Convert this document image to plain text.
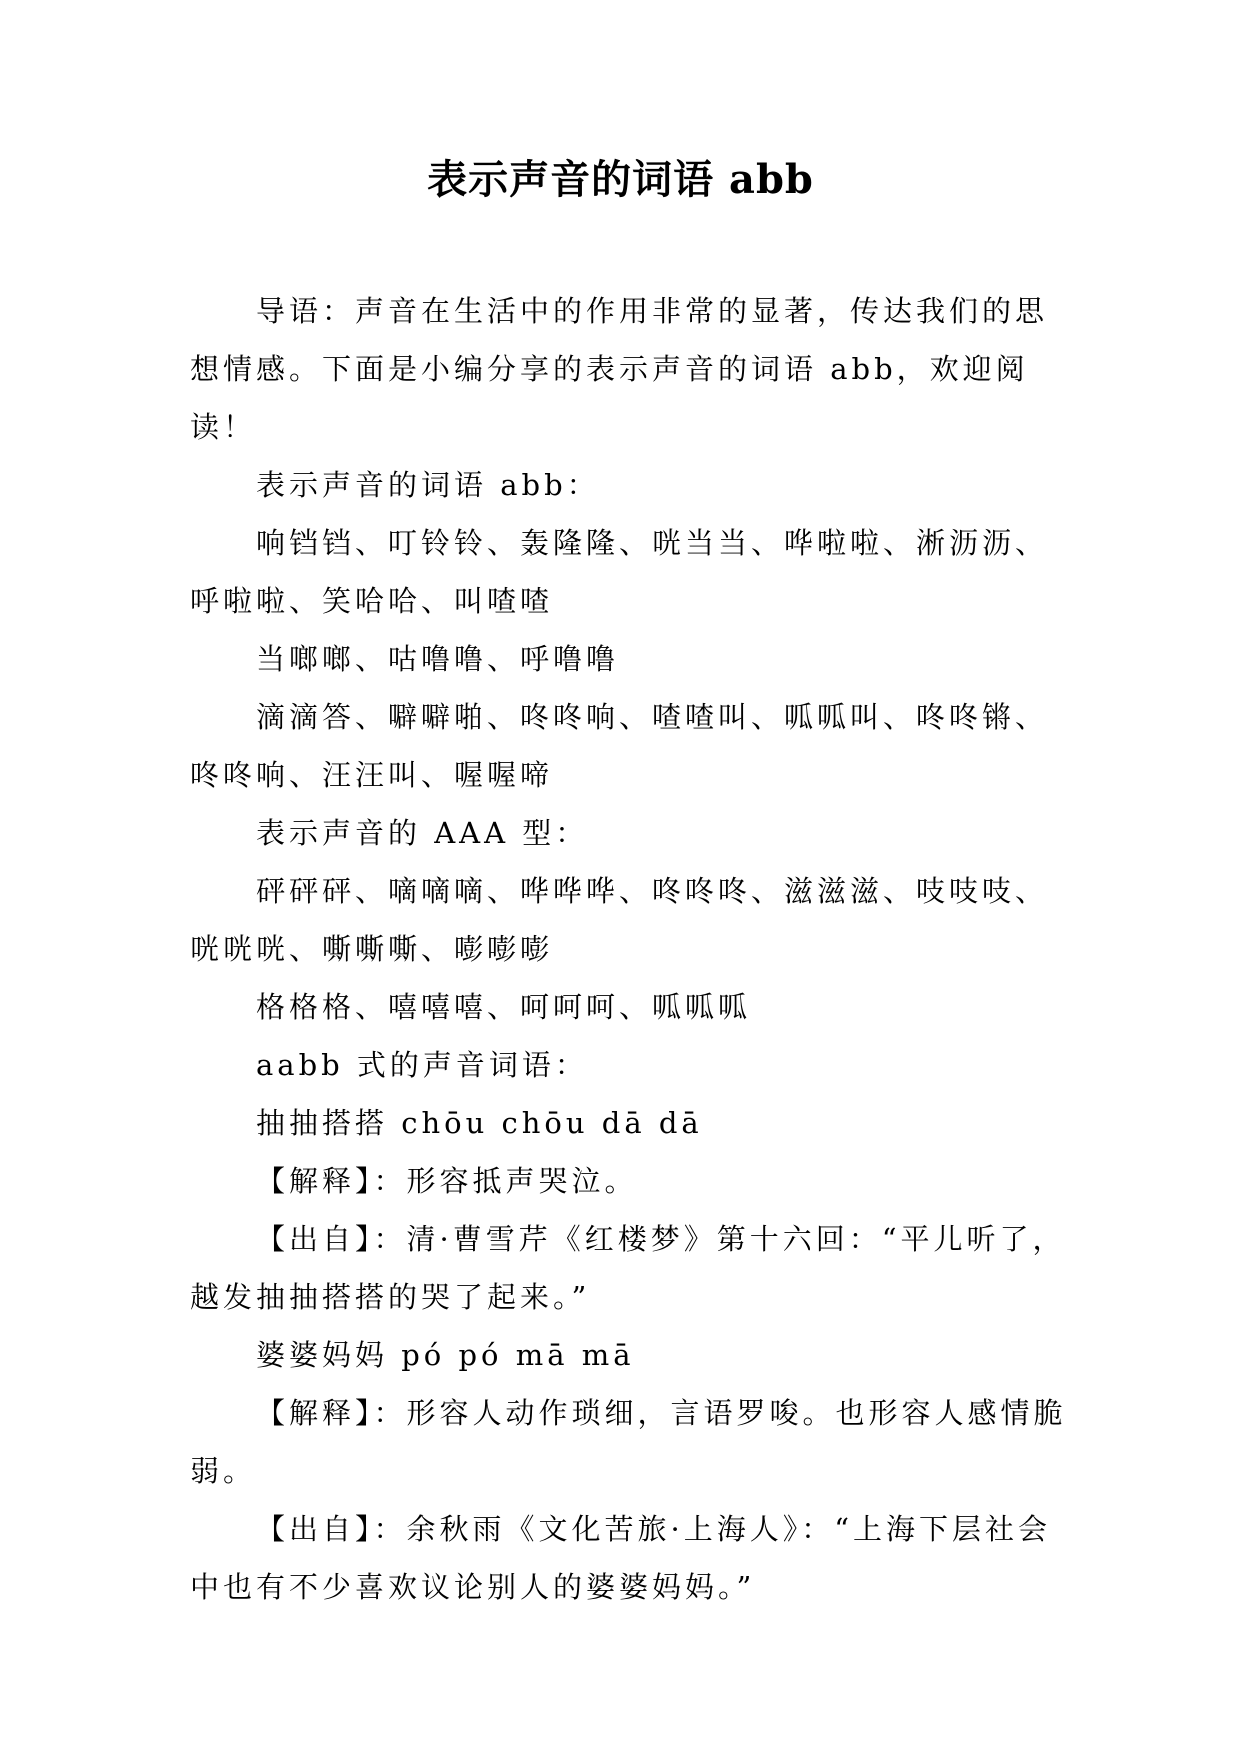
表示声音的词语 abb

导语：声音在生活中的作用非常的显著，传达我们的思想情感。下面是小编分享的表示声音的词语 abb，欢迎阅读！

表示声音的词语 abb：

响铛铛、叮铃铃、轰隆隆、咣当当、哗啦啦、淅沥沥、呼啦啦、笑哈哈、叫喳喳

当啷啷、咕噜噜、呼噜噜

滴滴答、噼噼啪、咚咚响、喳喳叫、呱呱叫、咚咚锵、咚咚响、汪汪叫、喔喔啼

表示声音的 AAA 型：

砰砰砰、嘀嘀嘀、哗哗哗、咚咚咚、滋滋滋、吱吱吱、咣咣咣、嘶嘶嘶、嘭嘭嘭

格格格、嘻嘻嘻、呵呵呵、呱呱呱

aabb 式的声音词语：

抽抽搭搭 chōu chōu dā dā

【解释】：形容抵声哭泣。

【出自】：清·曹雪芹《红楼梦》第十六回：“平儿听了，越发抽抽搭搭的哭了起来。”

婆婆妈妈 pó pó mā mā

【解释】：形容人动作琐细，言语罗唆。也形容人感情脆弱。

【出自】：余秋雨《文化苦旅·上海人》：“上海下层社会中也有不少喜欢议论别人的婆婆妈妈。”
